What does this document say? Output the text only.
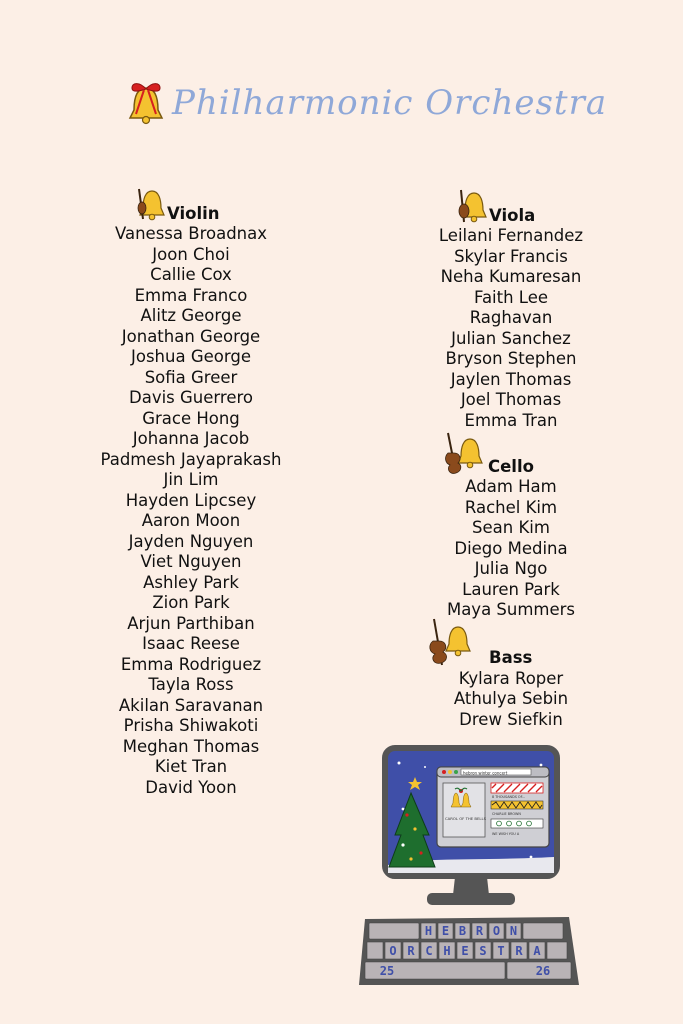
Philharmonic Orchestra
Violin
Vanessa Broadnax
Joon Choi
Callie Cox
Emma Franco
Alitz George
Jonathan George
Joshua George
Sofia Greer
Davis Guerrero
Grace Hong
Johanna Jacob
Padmesh Jayaprakash
Jin Lim
Hayden Lipcsey
Aaron Moon
Jayden Nguyen
Viet Nguyen
Ashley Park
Zion Park
Arjun Parthiban
Isaac Reese
Emma Rodriguez
Tayla Ross
Akilan Saravanan
Prisha Shiwakoti
Meghan Thomas
Kiet Tran
David Yoon
Viola
Leilani Fernandez
Skylar Francis
Neha Kumaresan
Faith Lee
Raghavan
Julian Sanchez
Bryson Stephen
Jaylen Thomas
Joel Thomas
Emma Tran
Cello
Adam Ham
Rachel Kim
Sean Kim
Diego Medina
Julia Ngo
Lauren Park
Maya Summers
Bass
Kylara Roper
Athulya Sebin
Drew Siefkin
hebron winter concert
CAROL OF THE BELLS
8 THOUSANDS OF...
CHARLIE BROWN
WE WISH YOU A
H E B R O N
O R C H E S T R A
25	26
